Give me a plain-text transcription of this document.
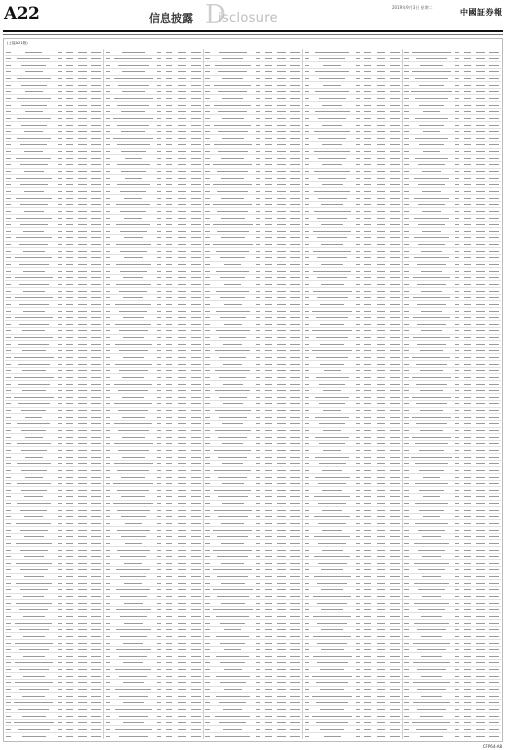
A22	信息披露 D
isclosure
2019年9月3日 星期二	中國証券報
(上接A21版)
CFP64-A8
